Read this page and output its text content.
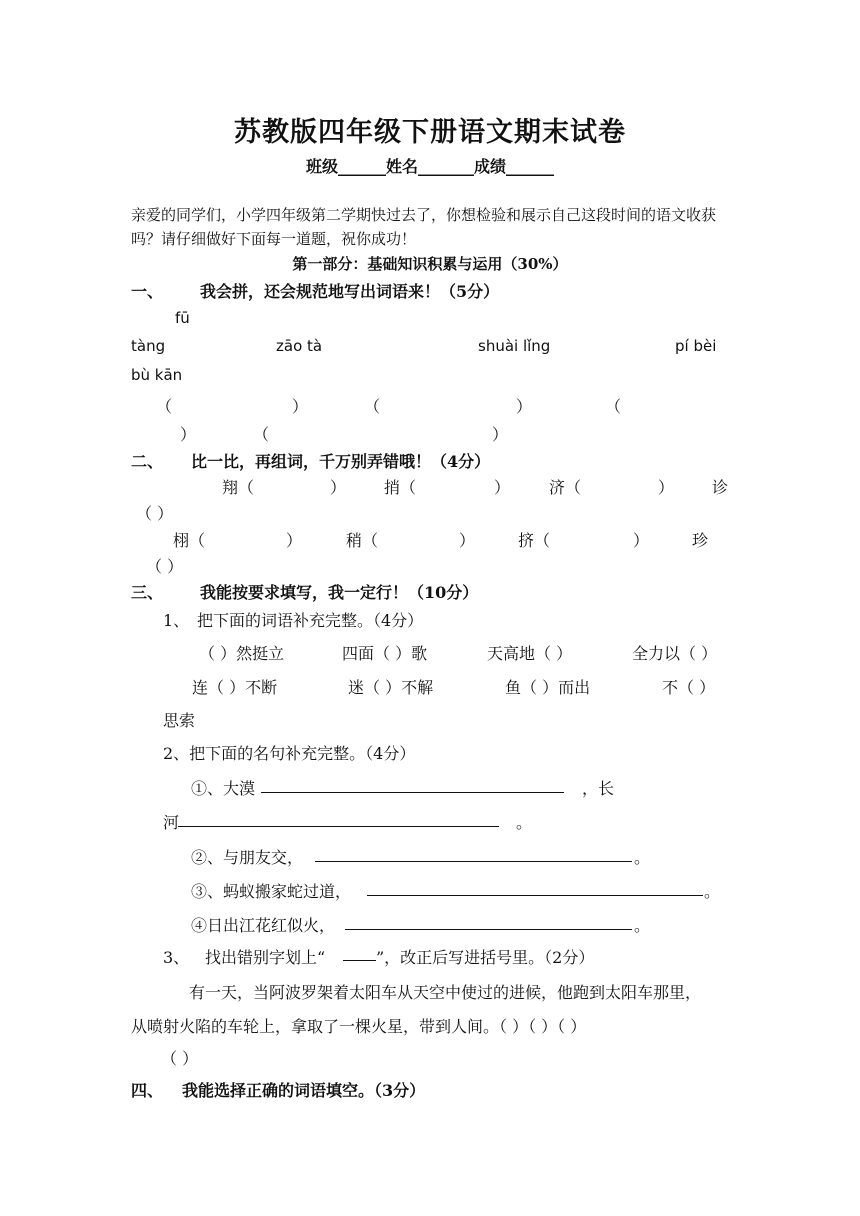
苏教版四年级下册语文期末试卷
班级______姓名_______成绩______
亲爱的同学们，小学四年级第二学期快过去了，你想检验和展示自己这段时间的语文收获
吗？请仔细做好下面每一道题，祝你成功！
第一部分：基础知识积累与运用（30%）
一、 我会拼，还会规范地写出词语来！（5分）
fū
tàng	zāo tà	shuài lǐng	pí bèi
bù kān
（	）	（	）	（
）	（	）
二、 比一比，再组词，千万别弄错哦！（4分）
翔（	） 捎（	） 济（	） 诊
（ ）
栩（	）	稍（	）	挤（	）	珍
（ ）
三、 我能按要求填写，我一定行！（10分）
1、 把下面的词语补充完整。（4分）
（ ）然挺立	四面（ ）歌	天高地（ ）	全力以（ ）
连（ ）不断	迷（ ）不解	鱼（ ）而出	不（ ）
思索
2、把下面的名句补充完整。（4分）
①、大漠	，长
河	。
②、与朋友交，	。
③、蚂蚁搬家蛇过道，	。
④日出江花红似火，	。
3、 找出错别字划上“	”，改正后写进括号里。（2分）
有一天，当阿波罗架着太阳车从天空中使过的进候，他跑到太阳车那里，
从喷射火陷的车轮上，拿取了一棵火星，带到人间。（ ）（ ）（ ）
（ ）
四、 我能选择正确的词语填空。（3分）
